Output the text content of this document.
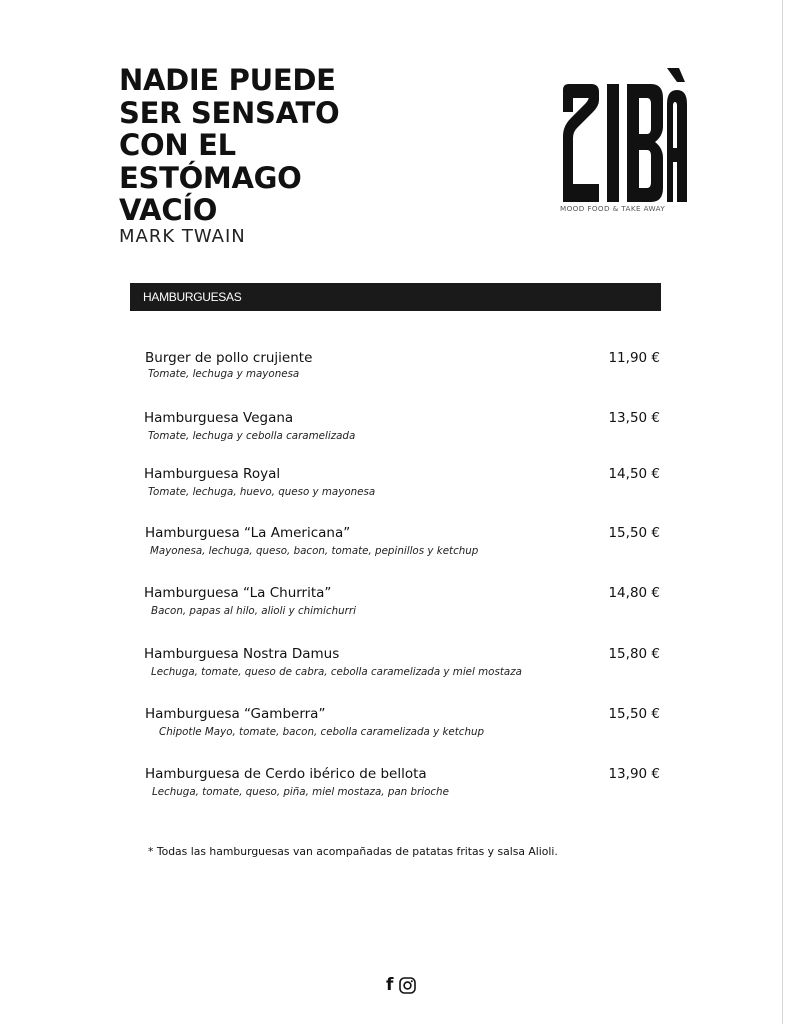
NADIE PUEDE
SER SENSATO
CON EL
ESTÓMAGO
VACÍO
MARK TWAIN
MOOD FOOD & TAKE AWAY
HAMBURGUESAS
Burger de pollo crujiente	11,90 €
Tomate, lechuga y mayonesa
Hamburguesa Vegana	13,50 €
Tomate, lechuga y cebolla caramelizada
Hamburguesa Royal	14,50 €
Tomate, lechuga, huevo, queso y mayonesa
Hamburguesa “La Americana”	15,50 €
Mayonesa, lechuga, queso, bacon, tomate, pepinillos y ketchup
Hamburguesa “La Churrita”	14,80 €
Bacon, papas al hilo, alioli y chimichurri
Hamburguesa Nostra Damus	15,80 €
Lechuga, tomate, queso de cabra, cebolla caramelizada y miel mostaza
Hamburguesa “Gamberra”	15,50 €
Chipotle Mayo, tomate, bacon, cebolla caramelizada y ketchup
Hamburguesa de Cerdo ibérico de bellota	13,90 €
Lechuga, tomate, queso, piña, miel mostaza, pan brioche
* Todas las hamburguesas van acompañadas de patatas fritas y salsa Alioli.
f
